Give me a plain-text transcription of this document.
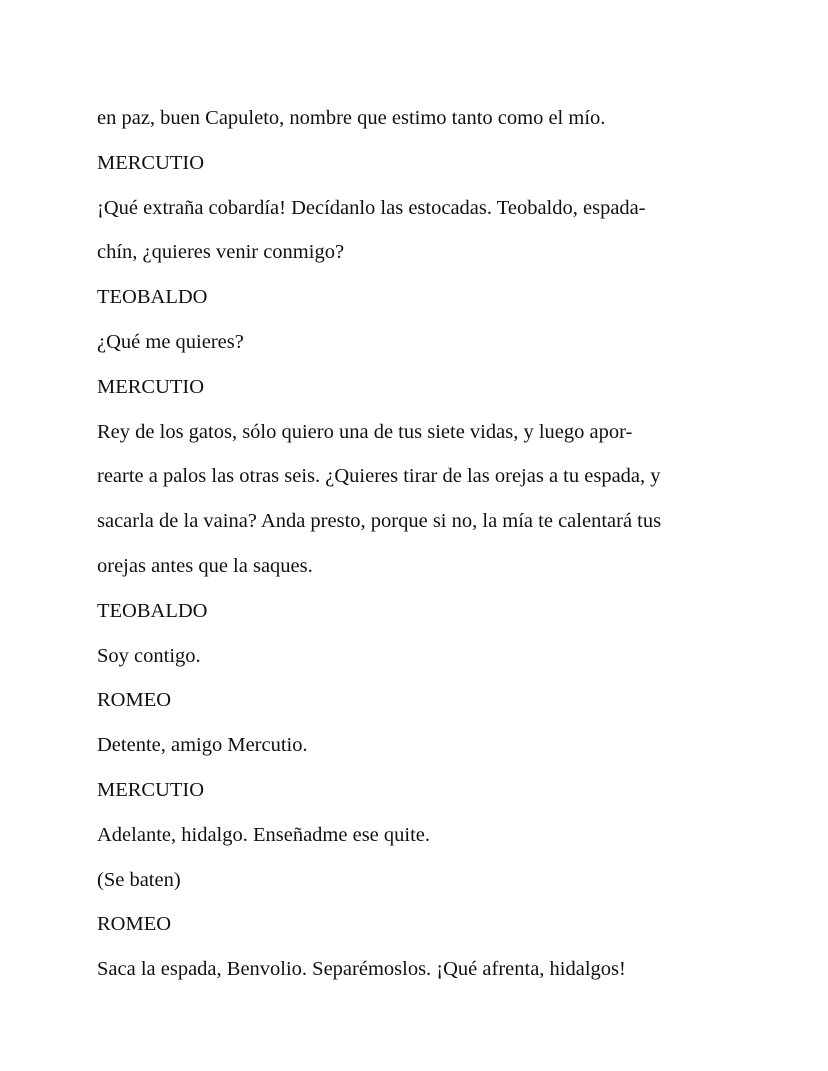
en paz, buen Capuleto, nombre que estimo tanto como el mío.

MERCUTIO

¡Qué extraña cobardía! Decídanlo las estocadas. Teobaldo, espada-

chín, ¿quieres venir conmigo?

TEOBALDO

¿Qué me quieres?

MERCUTIO

Rey de los gatos, sólo quiero una de tus siete vidas, y luego apor-

rearte a palos las otras seis. ¿Quieres tirar de las orejas a tu espada, y

sacarla de la vaina? Anda presto, porque si no, la mía te calentará tus

orejas antes que la saques.

TEOBALDO

Soy contigo.

ROMEO

Detente, amigo Mercutio.

MERCUTIO

Adelante, hidalgo. Enseñadme ese quite.

(Se baten)

ROMEO

Saca la espada, Benvolio. Separémoslos. ¡Qué afrenta, hidalgos!
